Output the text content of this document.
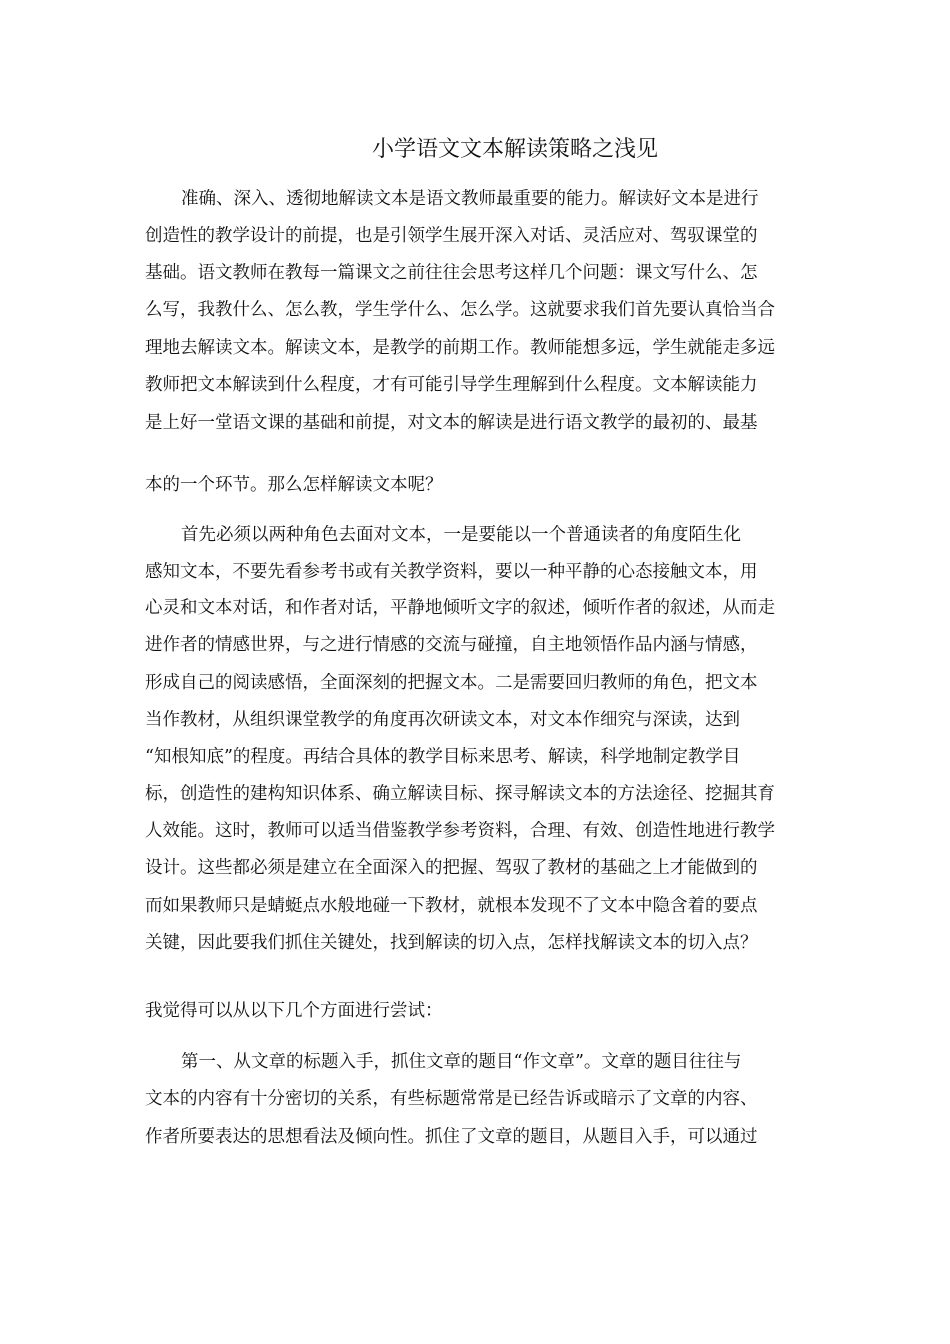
小学语文文本解读策略之浅见
准确、深入、透彻地解读文本是语文教师最重要的能力。解读好文本是进行
创造性的教学设计的前提，也是引领学生展开深入对话、灵活应对、驾驭课堂的
基础。语文教师在教每一篇课文之前往往会思考这样几个问题：课文写什么、怎
么写，我教什么、怎么教，学生学什么、怎么学。这就要求我们首先要认真恰当合
理地去解读文本。解读文本，是教学的前期工作。教师能想多远，学生就能走多远
教师把文本解读到什么程度，才有可能引导学生理解到什么程度。文本解读能力
是上好一堂语文课的基础和前提，对文本的解读是进行语文教学的最初的、最基
本的一个环节。那么怎样解读文本呢？
首先必须以两种角色去面对文本，一是要能以一个普通读者的角度陌生化
感知文本，不要先看参考书或有关教学资料，要以一种平静的心态接触文本，用
心灵和文本对话，和作者对话，平静地倾听文字的叙述，倾听作者的叙述，从而走
进作者的情感世界，与之进行情感的交流与碰撞，自主地领悟作品内涵与情感，
形成自己的阅读感悟，全面深刻的把握文本。二是需要回归教师的角色，把文本
当作教材，从组织课堂教学的角度再次研读文本，对文本作细究与深读，达到
“知根知底”的程度。再结合具体的教学目标来思考、解读，科学地制定教学目
标，创造性的建构知识体系、确立解读目标、探寻解读文本的方法途径、挖掘其育
人效能。这时，教师可以适当借鉴教学参考资料，合理、有效、创造性地进行教学
设计。这些都必须是建立在全面深入的把握、驾驭了教材的基础之上才能做到的
而如果教师只是蜻蜓点水般地碰一下教材，就根本发现不了文本中隐含着的要点
关键，因此要我们抓住关键处，找到解读的切入点，怎样找解读文本的切入点？
我觉得可以从以下几个方面进行尝试：
第一、从文章的标题入手，抓住文章的题目“作文章”。文章的题目往往与
文本的内容有十分密切的关系，有些标题常常是已经告诉或暗示了文章的内容、
作者所要表达的思想看法及倾向性。抓住了文章的题目，从题目入手，可以通过
